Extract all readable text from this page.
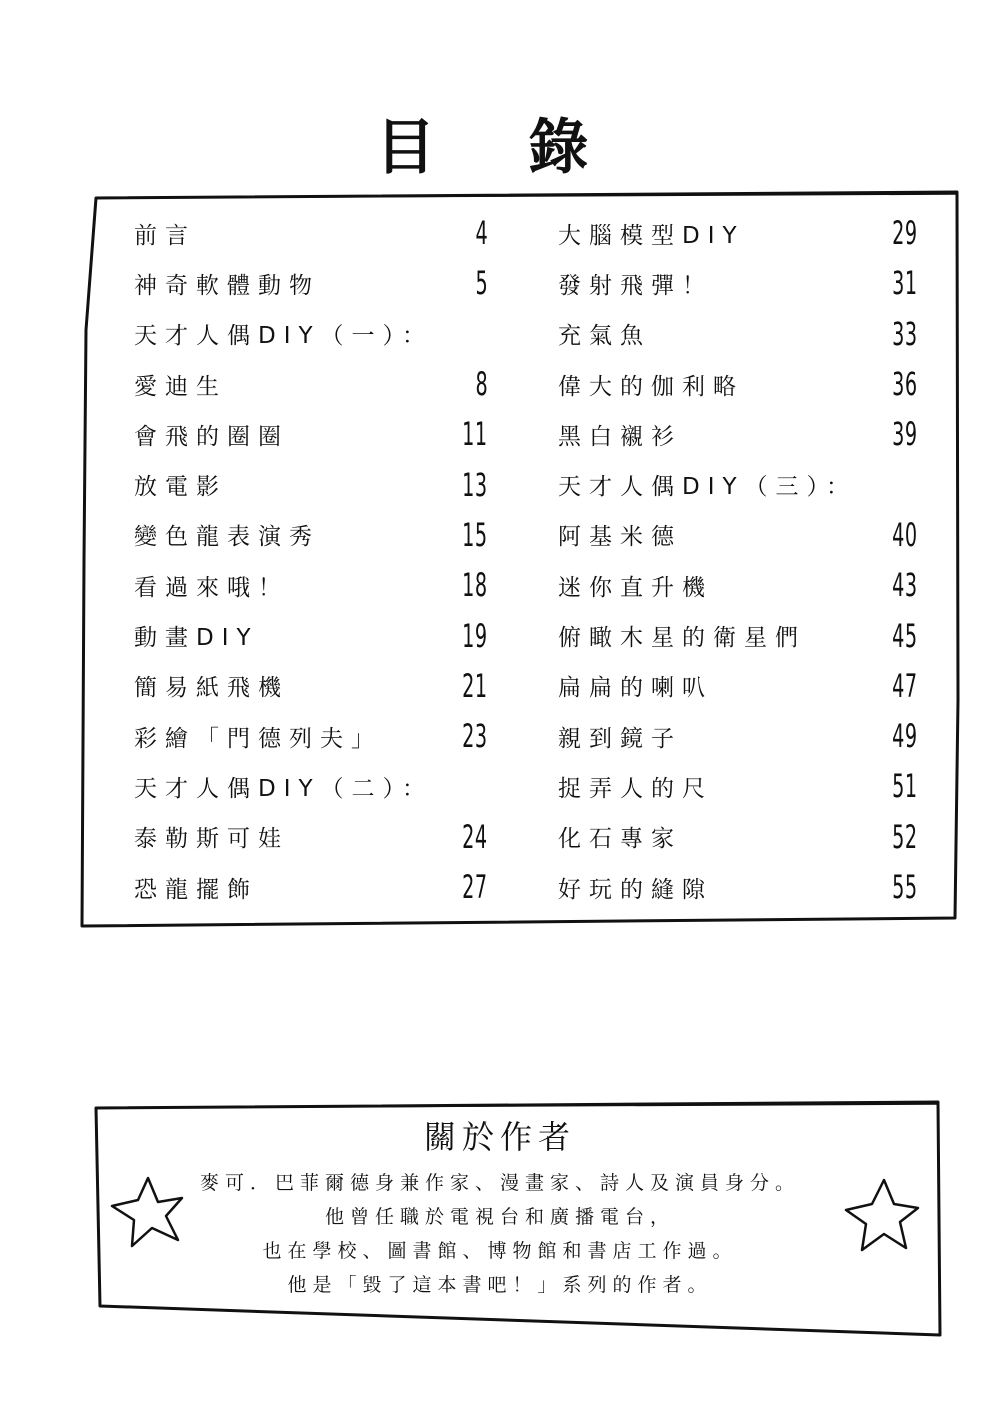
目 錄
前言	4
神奇軟體動物	5
天才人偶DIY（一）：
愛迪生	8
會飛的圈圈	11
放電影	13
變色龍表演秀	15
看過來哦！	18
動畫DIY	19
簡易紙飛機	21
彩繪「門德列夫」	23
天才人偶DIY（二）：
泰勒斯可娃	24
恐龍擺飾	27
大腦模型DIY	29
發射飛彈！	31
充氣魚	33
偉大的伽利略	36
黑白襯衫	39
天才人偶DIY（三）：
阿基米德	40
迷你直升機	43
俯瞰木星的衛星們	45
扁扁的喇叭	47
親到鏡子	49
捉弄人的尺	51
化石專家	52
好玩的縫隙	55
關於作者
麥可．巴菲爾德身兼作家、漫畫家、詩人及演員身分。
他曾任職於電視台和廣播電台，
也在學校、圖書館、博物館和書店工作過。
他是「毀了這本書吧！」系列的作者。
